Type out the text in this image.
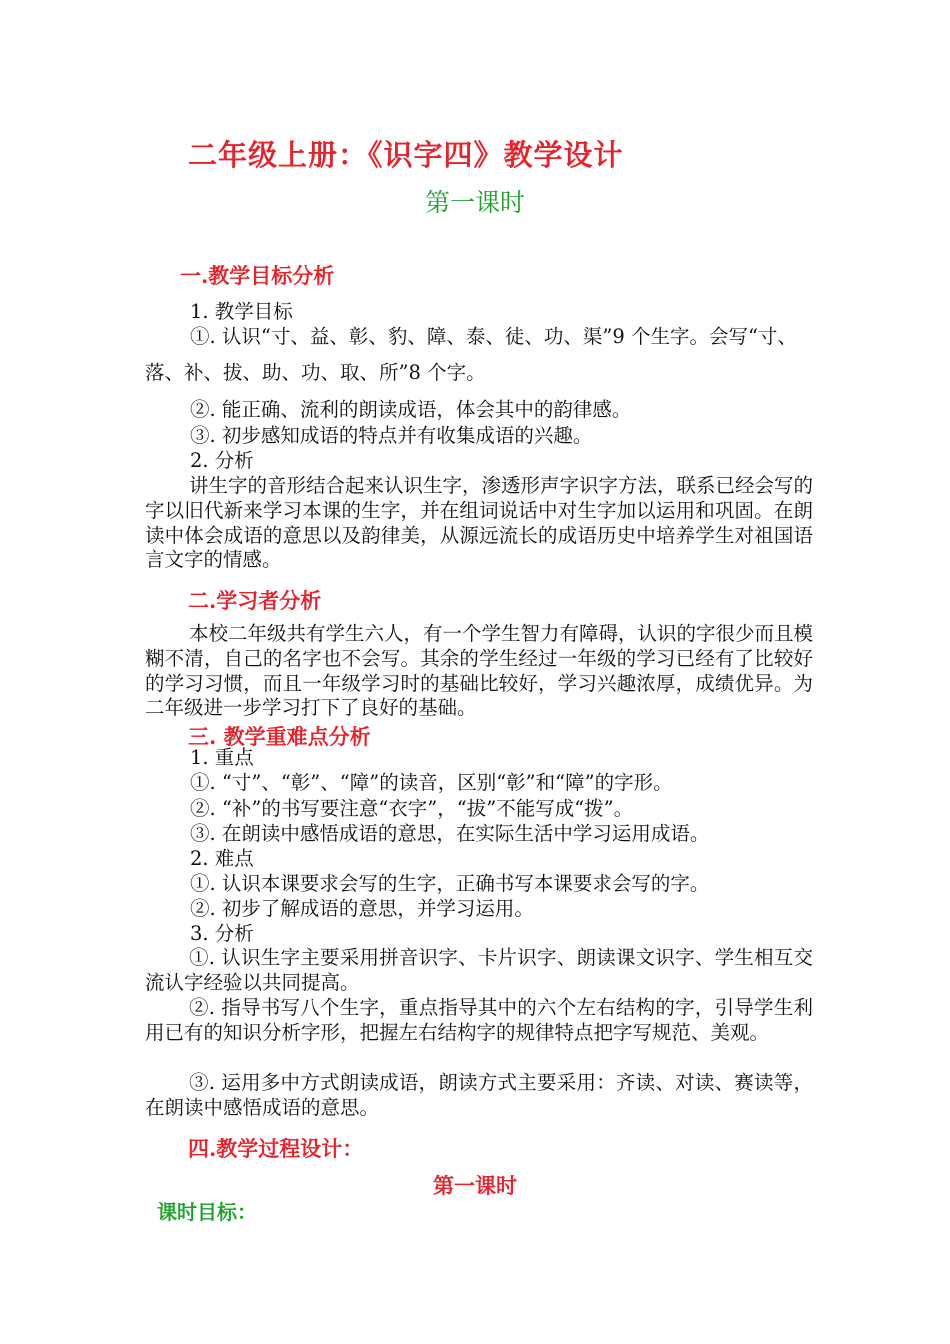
二年级上册：《识字四》教学设计
第一课时
一.教学目标分析
1. 教学目标
①. 认识“寸、益、彰、豹、障、泰、徒、功、渠”9 个生字。会写“寸、
落、补、拔、助、功、取、所”8 个字。
②. 能正确、流利的朗读成语，体会其中的韵律感。
③. 初步感知成语的特点并有收集成语的兴趣。
2. 分析
讲生字的音形结合起来认识生字，渗透形声字识字方法，联系已经会写的字以旧代新来学习本课的生字，并在组词说话中对生字加以运用和巩固。在朗读中体会成语的意思以及韵律美，从源远流长的成语历史中培养学生对祖国语言文字的情感。
二.学习者分析
本校二年级共有学生六人，有一个学生智力有障碍，认识的字很少而且模糊不清，自己的名字也不会写。其余的学生经过一年级的学习已经有了比较好的学习习惯，而且一年级学习时的基础比较好，学习兴趣浓厚，成绩优异。为二年级进一步学习打下了良好的基础。
三. 教学重难点分析
1. 重点
①. “寸”、“彰”、“障”的读音，区别“彰”和“障”的字形。
②. “补”的书写要注意“衣字”，“拔”不能写成“拨”。
③. 在朗读中感悟成语的意思，在实际生活中学习运用成语。
2. 难点
①. 认识本课要求会写的生字，正确书写本课要求会写的字。
②. 初步了解成语的意思，并学习运用。
3. 分析
①. 认识生字主要采用拼音识字、卡片识字、朗读课文识字、学生相互交流认字经验以共同提高。
②. 指导书写八个生字，重点指导其中的六个左右结构的字，引导学生利用已有的知识分析字形，把握左右结构字的规律特点把字写规范、美观。
③. 运用多中方式朗读成语，朗读方式主要采用：齐读、对读、赛读等，在朗读中感悟成语的意思。
四.教学过程设计：
第一课时
课时目标：
